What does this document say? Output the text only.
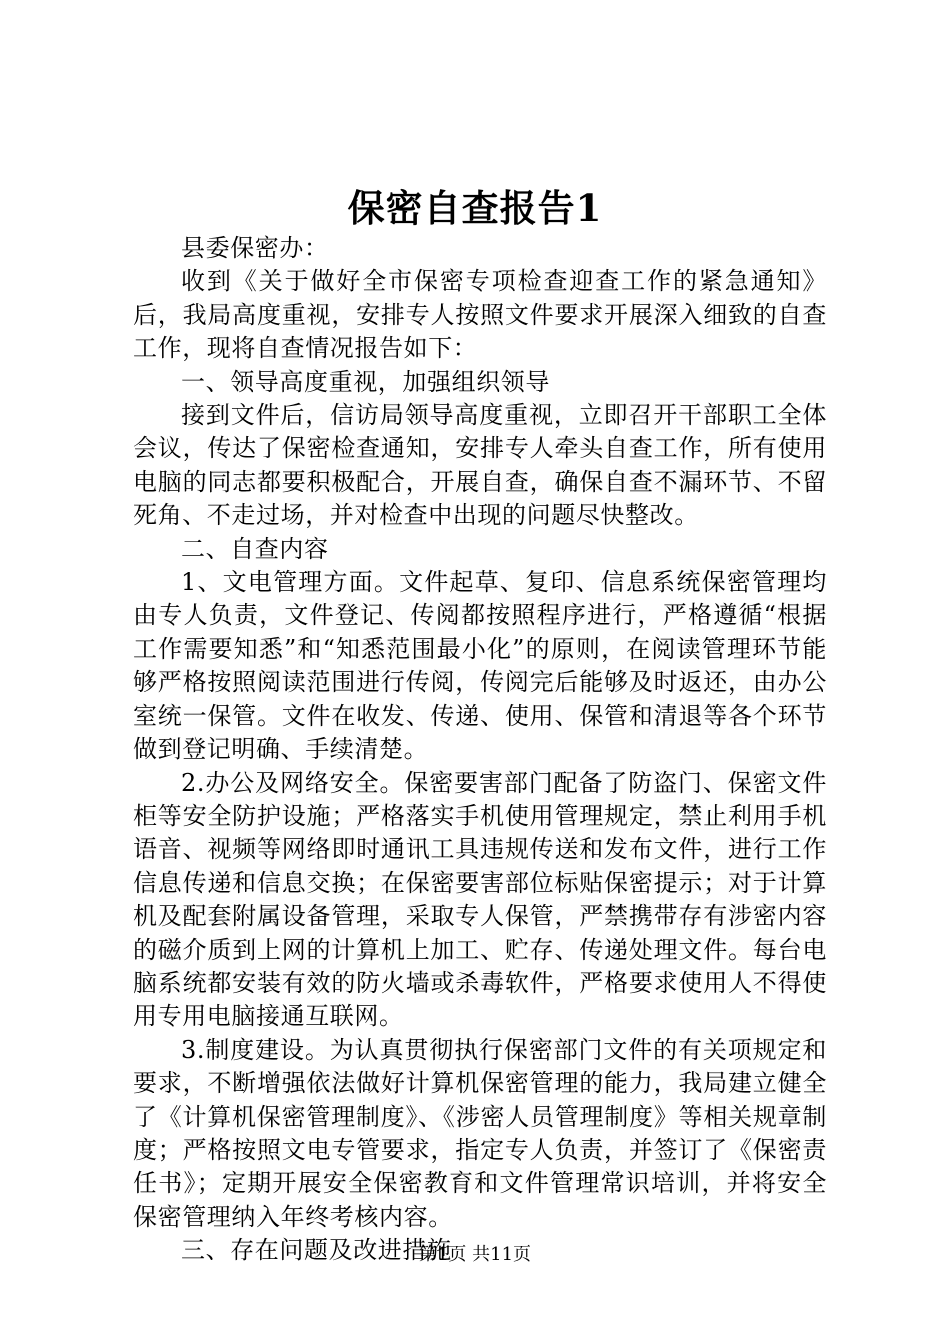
保密自查报告1

县委保密办：

收到《关于做好全市保密专项检查迎查工作的紧急通知》后，我局高度重视，安排专人按照文件要求开展深入细致的自查工作，现将自查情况报告如下：

一、领导高度重视，加强组织领导

接到文件后，信访局领导高度重视，立即召开干部职工全体会议，传达了保密检查通知，安排专人牵头自查工作，所有使用电脑的同志都要积极配合，开展自查，确保自查不漏环节、不留死角、不走过场，并对检查中出现的问题尽快整改。

二、自查内容

1、文电管理方面。文件起草、复印、信息系统保密管理均由专人负责，文件登记、传阅都按照程序进行，严格遵循“根据工作需要知悉”和“知悉范围最小化”的原则，在阅读管理环节能够严格按照阅读范围进行传阅，传阅完后能够及时返还，由办公室统一保管。文件在收发、传递、使用、保管和清退等各个环节做到登记明确、手续清楚。

2.办公及网络安全。保密要害部门配备了防盗门、保密文件柜等安全防护设施；严格落实手机使用管理规定，禁止利用手机语音、视频等网络即时通讯工具违规传送和发布文件，进行工作信息传递和信息交换；在保密要害部位标贴保密提示；对于计算机及配套附属设备管理，采取专人保管，严禁携带存有涉密内容的磁介质到上网的计算机上加工、贮存、传递处理文件。每台电脑系统都安装有效的防火墙或杀毒软件，严格要求使用人不得使用专用电脑接通互联网。

3.制度建设。为认真贯彻执行保密部门文件的有关项规定和要求，不断增强依法做好计算机保密管理的能力，我局建立健全了《计算机保密管理制度》、《涉密人员管理制度》等相关规章制度；严格按照文电专管要求，指定专人负责，并签订了《保密责任书》；定期开展安全保密教育和文件管理常识培训，并将安全保密管理纳入年终考核内容。

三、存在问题及改进措施

第1页 共11页
